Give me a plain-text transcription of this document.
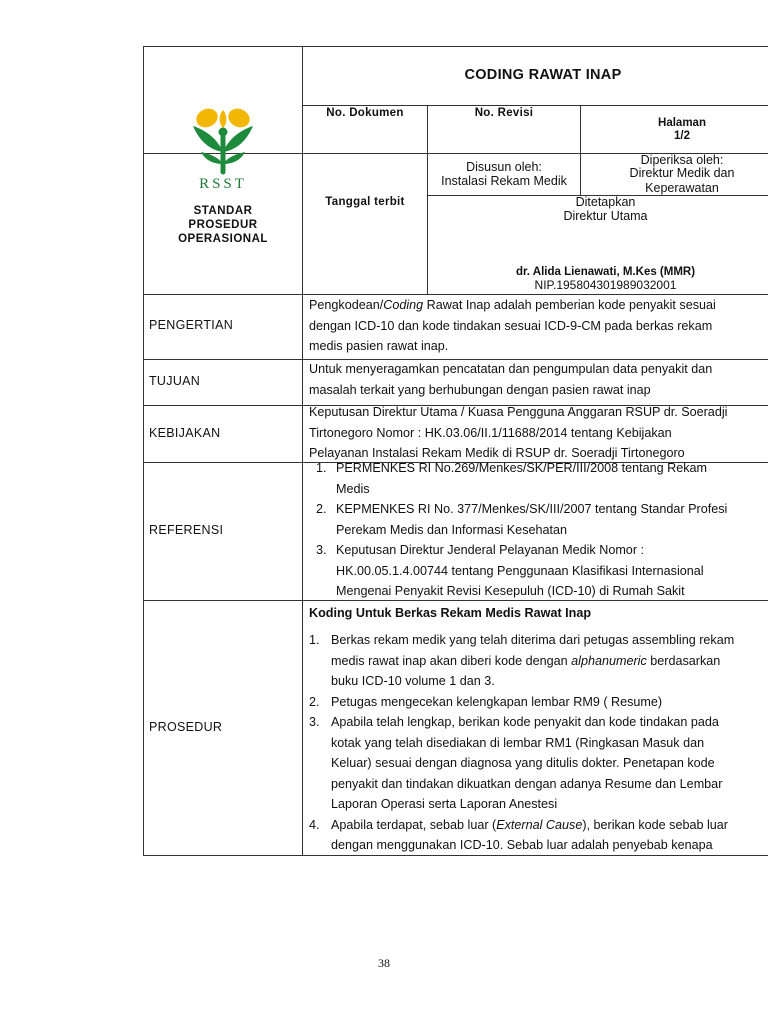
RSST
STANDAR PROSEDUR OPERASIONAL
CODING RAWAT INAP
No. Dokumen	No. Revisi
Halaman
1/2
Tanggal terbit
Disusun oleh:
Instalasi Rekam Medik
Diperiksa oleh:
Direktur Medik dan
Keperawatan
Ditetapkan
Direktur Utama
dr. Alida Lienawati, M.Kes (MMR)
NIP.195804301989032001
PENGERTIAN

Pengkodean/Coding Rawat Inap adalah pemberian kode penyakit sesuai

dengan ICD-10 dan kode tindakan sesuai ICD-9-CM pada berkas rekam

medis pasien rawat inap.

TUJUAN

Untuk menyeragamkan pencatatan dan pengumpulan data penyakit dan

masalah terkait yang berhubungan dengan pasien rawat inap

KEBIJAKAN

Keputusan Direktur Utama / Kuasa Pengguna Anggaran RSUP dr. Soeradji

Tirtonegoro Nomor : HK.03.06/II.1/11688/2014 tentang Kebijakan

Pelayanan Instalasi Rekam Medik di RSUP dr. Soeradji Tirtonegoro

REFERENSI
1. PERMENKES RI No.269/Menkes/SK/PER/III/2008 tentang Rekam
Medis
2. KEPMENKES RI No. 377/Menkes/SK/III/2007 tentang Standar Profesi
Perekam Medis dan Informasi Kesehatan
3. Keputusan Direktur Jenderal Pelayanan Medik Nomor :
HK.00.05.1.4.00744 tentang Penggunaan Klasifikasi Internasional
Mengenai Penyakit Revisi Kesepuluh (ICD-10) di Rumah Sakit
PROSEDUR
Koding Untuk Berkas Rekam Medis Rawat Inap
1. Berkas rekam medik yang telah diterima dari petugas assembling rekam
medis rawat inap akan diberi kode dengan alphanumeric berdasarkan
buku ICD-10 volume 1 dan 3.
2. Petugas mengecekan kelengkapan lembar RM9 ( Resume)
3. Apabila telah lengkap, berikan kode penyakit dan kode tindakan pada
kotak yang telah disediakan di lembar RM1 (Ringkasan Masuk dan
Keluar) sesuai dengan diagnosa yang ditulis dokter. Penetapan kode
penyakit dan tindakan dikuatkan dengan adanya Resume dan Lembar
Laporan Operasi serta Laporan Anestesi
4. Apabila terdapat, sebab luar (External Cause), berikan kode sebab luar
dengan menggunakan ICD-10. Sebab luar adalah penyebab kenapa
38
